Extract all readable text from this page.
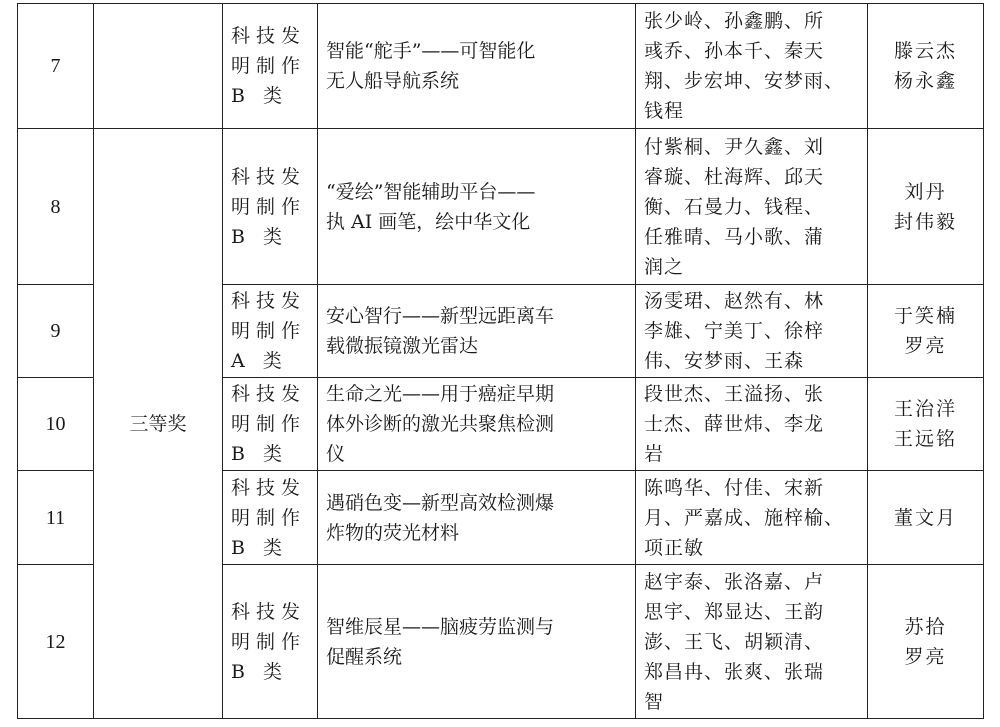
7		科技发
明制作
B 类	智能“舵手”——可智能化
无人船导航系统	张少岭、孙鑫鹏、所
彧乔、孙本千、秦天
翔、步宏坤、安梦雨、
钱程	滕云杰
杨永鑫

8	三等奖	科技发
明制作
B 类	“爱绘”智能辅助平台——
执 AI 画笔，绘中华文化	付紫桐、尹久鑫、刘
睿璇、杜海辉、邱天
衡、石曼力、钱程、
任雅晴、马小歌、蒲
润之	刘丹
封伟毅

9		科技发
明制作
A 类	安心智行——新型远距离车
载微振镜激光雷达	汤雯珺、赵然有、林
李雄、宁美丁、徐梓
伟、安梦雨、王森	于笑楠
罗亮

10		科技发
明制作
B 类	生命之光——用于癌症早期
体外诊断的激光共聚焦检测
仪	段世杰、王溢扬、张
士杰、薛世炜、李龙
岩	王治洋
王远铭

11		科技发
明制作
B 类	遇硝色变—新型高效检测爆
炸物的荧光材料	陈鸣华、付佳、宋新
月、严嘉成、施梓榆、
项正敏	董文月

12		科技发
明制作
B 类	智维辰星——脑疲劳监测与
促醒系统	赵宇泰、张洛嘉、卢
思宇、郑显达、王韵
澎、王飞、胡颖清、
郑昌冉、张爽、张瑞
智	苏拾
罗亮
